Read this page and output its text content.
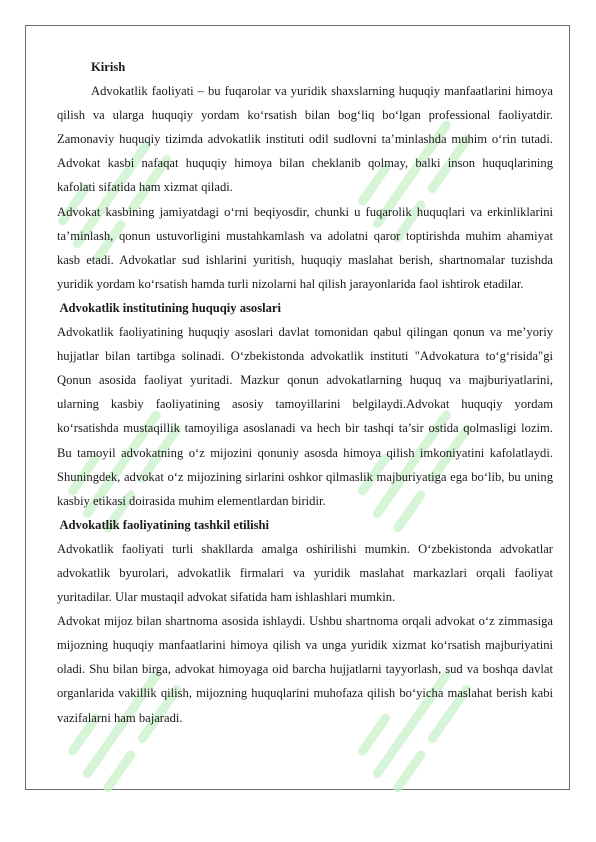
Kirish

Advokatlik faoliyati – bu fuqarolar va yuridik shaxslarning huquqiy manfaatlarini himoya qilish va ularga huquqiy yordam ko‘rsatish bilan bog‘liq bo‘lgan professional faoliyatdir. Zamonaviy huquqiy tizimda advokatlik instituti odil sudlovni ta’minlashda muhim o‘rin tutadi. Advokat kasbi nafaqat huquqiy himoya bilan cheklanib qolmay, balki inson huquqlarining kafolati sifatida ham xizmat qiladi.

Advokat kasbining jamiyatdagi o‘rni beqiyosdir, chunki u fuqarolik huquqlari va erkinliklarini ta’minlash, qonun ustuvorligini mustahkamlash va adolatni qaror toptirishda muhim ahamiyat kasb etadi. Advokatlar sud ishlarini yuritish, huquqiy maslahat berish, shartnomalar tuzishda yuridik yordam ko‘rsatish hamda turli nizolarni hal qilish jarayonlarida faol ishtirok etadilar.

Advokatlik institutining huquqiy asoslari

Advokatlik faoliyatining huquqiy asoslari davlat tomonidan qabul qilingan qonun va me’yoriy hujjatlar bilan tartibga solinadi. O‘zbekistonda advokatlik instituti "Advokatura to‘g‘risida"gi Qonun asosida faoliyat yuritadi. Mazkur qonun advokatlarning huquq va majburiyatlarini, ularning kasbiy faoliyatining asosiy tamoyillarini belgilaydi.Advokat huquqiy yordam ko‘rsatishda mustaqillik tamoyiliga asoslanadi va hech bir tashqi ta’sir ostida qolmasligi lozim. Bu tamoyil advokatning o‘z mijozini qonuniy asosda himoya qilish imkoniyatini kafolatlaydi. Shuningdek, advokat o‘z mijozining sirlarini oshkor qilmaslik majburiyatiga ega bo‘lib, bu uning kasbiy etikasi doirasida muhim elementlardan biridir.

Advokatlik faoliyatining tashkil etilishi

Advokatlik faoliyati turli shakllarda amalga oshirilishi mumkin. O‘zbekistonda advokatlar advokatlik byurolari, advokatlik firmalari va yuridik maslahat markazlari orqali faoliyat yuritadilar. Ular mustaqil advokat sifatida ham ishlashlari mumkin.

Advokat mijoz bilan shartnoma asosida ishlaydi. Ushbu shartnoma orqali advokat o‘z zimmasiga mijozning huquqiy manfaatlarini himoya qilish va unga yuridik xizmat ko‘rsatish majburiyatini oladi. Shu bilan birga, advokat himoyaga oid barcha hujjatlarni tayyorlash, sud va boshqa davlat organlarida vakillik qilish, mijozning huquqlarini muhofaza qilish bo‘yicha maslahat berish kabi vazifalarni ham bajaradi.
